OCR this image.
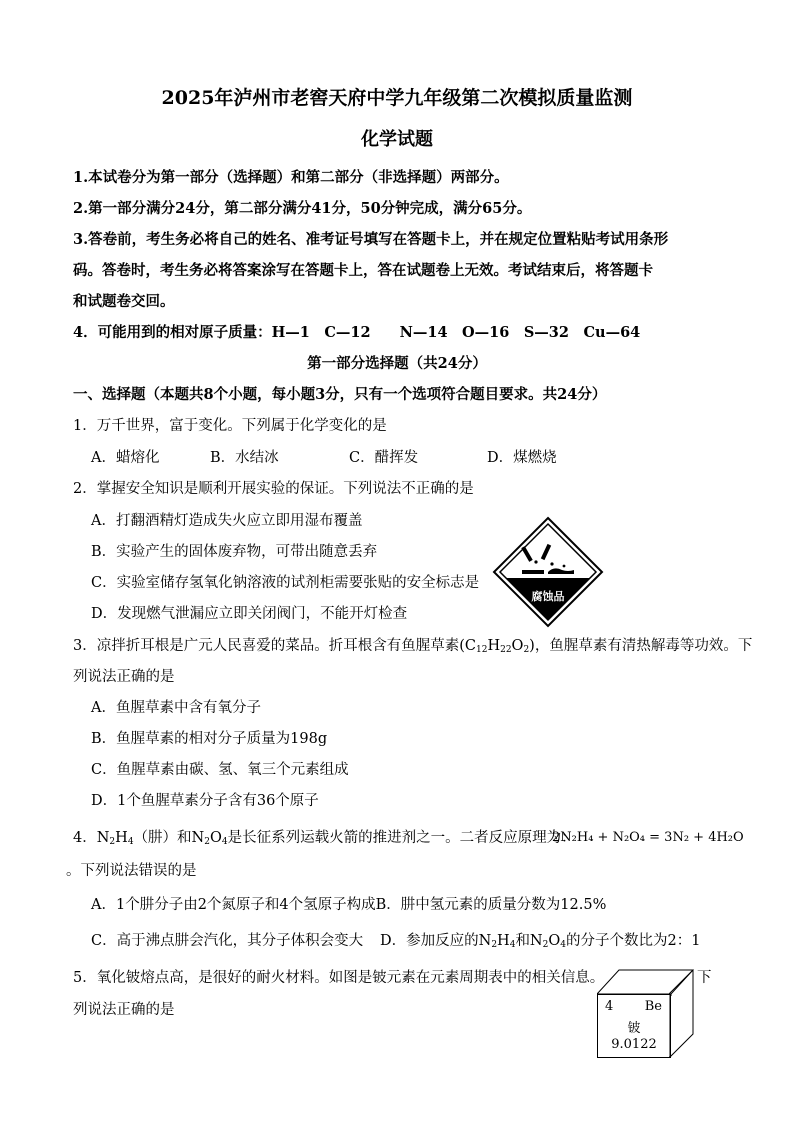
2025年泸州市老窖天府中学九年级第二次模拟质量监测
化学试题
1.本试卷分为第一部分（选择题）和第二部分（非选择题）两部分。
2.第一部分满分24分，第二部分满分41分，50分钟完成，满分65分。
3.答卷前，考生务必将自己的姓名、准考证号填写在答题卡上，并在规定位置粘贴考试用条形
码。答卷时，考生务必将答案涂写在答题卡上，答在试题卷上无效。考试结束后，将答题卡
和试题卷交回。
4．可能用到的相对原子质量：H—1　C—12　　N—14　O—16　S—32　Cu—64
第一部分选择题（共24分）
一、选择题（本题共8个小题，每小题3分，只有一个选项符合题目要求。共24分）
1．万千世界，富于变化。下列属于化学变化的是
A．蜡熔化	B．水结冰	C．醋挥发	D．煤燃烧
2．掌握安全知识是顺利开展实验的保证。下列说法不正确的是
A．打翻酒精灯造成失火应立即用湿布覆盖
B．实验产生的固体废弃物，可带出随意丢弃
C．实验室储存氢氧化钠溶液的试剂柜需要张贴的安全标志是
D．发现燃气泄漏应立即关闭阀门，不能开灯检查
腐蚀品
3．凉拌折耳根是广元人民喜爱的菜品。折耳根含有鱼腥草素$(C_{12}H_{22}O_2)$，鱼腥草素有清热解毒等功效。下
列说法正确的是
A．鱼腥草素中含有氧分子
B．鱼腥草素的相对分子质量为198g
C．鱼腥草素由碳、氢、氧三个元素组成
D．1个鱼腥草素分子含有36个原子
4．$N_2H_4$（肼）和$N_2O_4$是长征系列运载火箭的推进剂之一。二者反应原理为：
2N₂H₄ + N₂O₄ = 3N₂ + 4H₂O
。下列说法错误的是
A．1个肼分子由2个氮原子和4个氢原子构成B．肼中氢元素的质量分数为12.5%
C．高于沸点肼会汽化，其分子体积会变大 D．参加反应的$N_2H_4$和$N_2O_4$的分子个数比为2：1
5．氧化铍熔点高，是很好的耐火材料。如图是铍元素在元素周期表中的相关信息。	下
列说法正确的是	4 Be
铍
9.0122
